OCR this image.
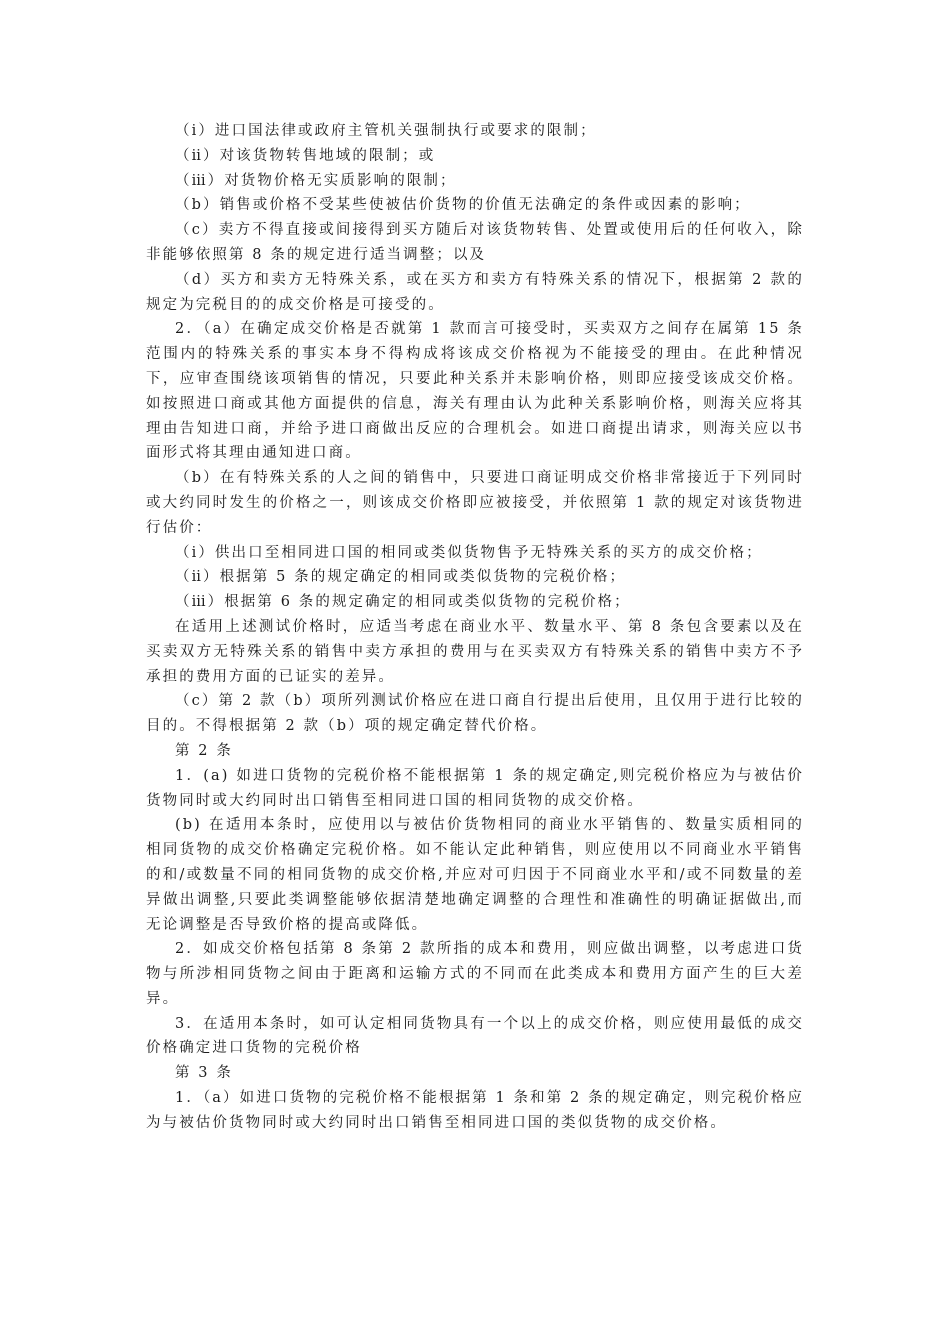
（ⅰ）进口国法律或政府主管机关强制执行或要求的限制；

（ⅱ）对该货物转售地域的限制；或

（ⅲ）对货物价格无实质影响的限制；

（b）销售或价格不受某些使被估价货物的价值无法确定的条件或因素的影响；

（c）卖方不得直接或间接得到买方随后对该货物转售、处置或使用后的任何收入，除非能够依照第 8 条的规定进行适当调整；以及

（d）买方和卖方无特殊关系，或在买方和卖方有特殊关系的情况下，根据第 2 款的规定为完税目的的成交价格是可接受的。

2．（a）在确定成交价格是否就第 1 款而言可接受时，买卖双方之间存在属第 15 条范围内的特殊关系的事实本身不得构成将该成交价格视为不能接受的理由。在此种情况下，应审查围绕该项销售的情况，只要此种关系并未影响价格，则即应接受该成交价格。如按照进口商或其他方面提供的信息，海关有理由认为此种关系影响价格，则海关应将其理由告知进口商，并给予进口商做出反应的合理机会。如进口商提出请求，则海关应以书面形式将其理由通知进口商。

（b）在有特殊关系的人之间的销售中，只要进口商证明成交价格非常接近于下列同时或大约同时发生的价格之一，则该成交价格即应被接受，并依照第 1 款的规定对该货物进行估价：

（ⅰ）供出口至相同进口国的相同或类似货物售予无特殊关系的买方的成交价格；

（ⅱ）根据第 5 条的规定确定的相同或类似货物的完税价格；

（ⅲ）根据第 6 条的规定确定的相同或类似货物的完税价格；

在适用上述测试价格时，应适当考虑在商业水平、数量水平、第 8 条包含要素以及在买卖双方无特殊关系的销售中卖方承担的费用与在买卖双方有特殊关系的销售中卖方不予承担的费用方面的已证实的差异。

（c）第 2 款（b）项所列测试价格应在进口商自行提出后使用，且仅用于进行比较的目的。不得根据第 2 款（b）项的规定确定替代价格。

第 2 条

1．(a) 如进口货物的完税价格不能根据第 1 条的规定确定,则完税价格应为与被估价货物同时或大约同时出口销售至相同进口国的相同货物的成交价格。

(b) 在适用本条时，应使用以与被估价货物相同的商业水平销售的、数量实质相同的相同货物的成交价格确定完税价格。如不能认定此种销售，则应使用以不同商业水平销售的和/或数量不同的相同货物的成交价格,并应对可归因于不同商业水平和/或不同数量的差异做出调整,只要此类调整能够依据清楚地确定调整的合理性和准确性的明确证据做出,而无论调整是否导致价格的提高或降低。

2．如成交价格包括第 8 条第 2 款所指的成本和费用，则应做出调整，以考虑进口货物与所涉相同货物之间由于距离和运输方式的不同而在此类成本和费用方面产生的巨大差异。

3．在适用本条时，如可认定相同货物具有一个以上的成交价格，则应使用最低的成交价格确定进口货物的完税价格

第 3 条

1．（a）如进口货物的完税价格不能根据第 1 条和第 2 条的规定确定，则完税价格应为与被估价货物同时或大约同时出口销售至相同进口国的类似货物的成交价格。
